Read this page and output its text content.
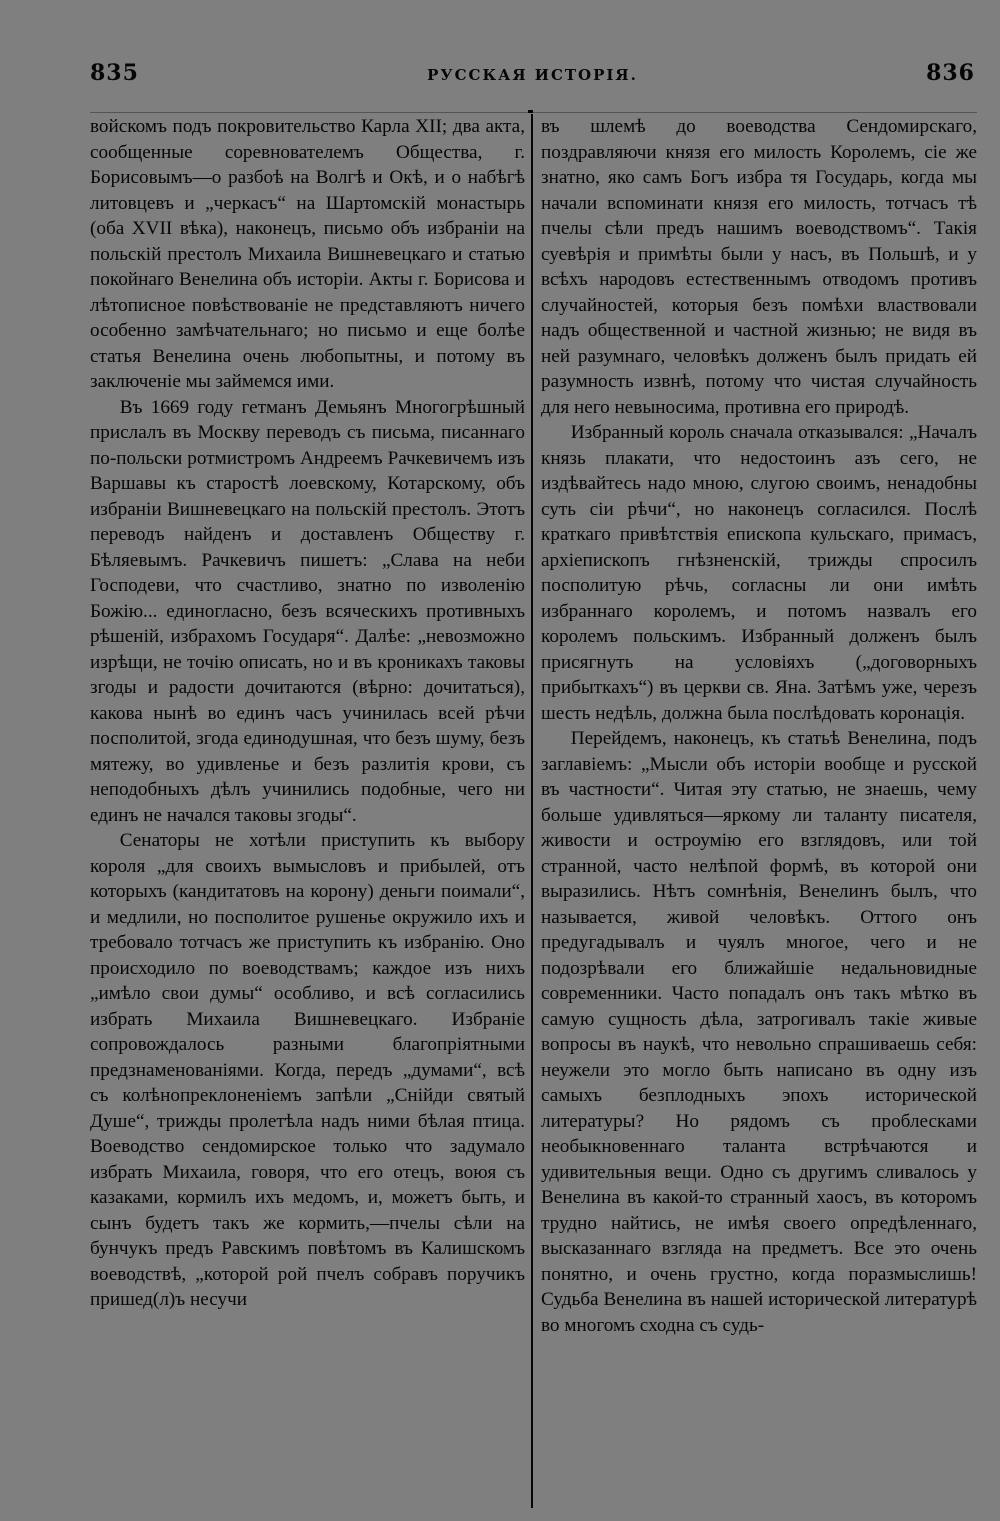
835	РУССКАЯ ИСТОРІЯ.	836

войскомъ подъ покровительство Карла XII; два акта, сообщенные соревнователемъ Общества, г. Борисовымъ—о разбоѣ на Волгѣ и Окѣ, и о набѣгѣ литовцевъ и „черкасъ“ на Шартомскій монастырь (оба XVII вѣка), наконецъ, письмо объ избраніи на польскій престолъ Михаила Вишневецкаго и статью покойнаго Венелина объ исторіи. Акты г. Борисова и лѣтописное повѣствованіе не представляютъ ничего особенно замѣчательнаго; но письмо и еще болѣе статья Венелина очень любопытны, и потому въ заключеніе мы займемся ими.

Въ 1669 году гетманъ Демьянъ Многогрѣшный прислалъ въ Москву переводъ съ письма, писаннаго по-польски ротмистромъ Андреемъ Рачкевичемъ изъ Варшавы къ старостѣ лоевскому, Котарскому, объ избраніи Вишневецкаго на польскій престолъ. Этотъ переводъ найденъ и доставленъ Обществу г. Бѣляевымъ. Рачкевичъ пишетъ: „Слава на неби Господеви, что счастливо, знатно по изволенію Божію... единогласно, безъ всяческихъ противныхъ рѣшеній, избрахомъ Государя“. Далѣе: „невозможно изрѣщи, не точію описать, но и въ кроникахъ таковы згоды и радости дочитаются (вѣрно: дочитаться), какова нынѣ во единъ часъ учинилась всей рѣчи посполитой, згода единодушная, что безъ шуму, безъ мятежу, во удивленье и безъ разлитія крови, съ неподобныхъ дѣлъ учинились подобные, чего ни единъ не начался таковы згоды“.

Сенаторы не хотѣли приступить къ выбору короля „для своихъ вымысловъ и прибылей, отъ которыхъ (кандитатовъ на корону) деньги поимали“, и медлили, но посполитое рушенье окружило ихъ и требовало тотчасъ же приступить къ избранію. Оно происходило по воеводствамъ; каждое изъ нихъ „имѣло свои думы“ особливо, и всѣ согласились избрать Михаила Вишневецкаго. Избраніе сопровождалось разными благопріятными предзнаменованіями. Когда, передъ „думами“, всѣ съ колѣнопреклоненіемъ запѣли „Снійди святый Душе“, трижды пролетѣла надъ ними бѣлая птица. Воеводство сендомирское только что задумало избрать Михаила, говоря, что его отецъ, воюя съ казаками, кормилъ ихъ медомъ, и, можетъ быть, и сынъ будетъ такъ же кормить,—пчелы сѣли на бунчукъ предъ Равскимъ повѣтомъ въ Калишскомъ воеводствѣ, „которой рой пчелъ собравъ поручикъ пришед(л)ъ несучи

въ шлемѣ до воеводства Сендомирскаго, поздравляючи князя его милость Королемъ, сіе же знатно, яко самъ Богъ избра тя Государь, когда мы начали вспоминати князя его милость, тотчасъ тѣ пчелы сѣли предъ нашимъ воеводствомъ“. Такія суевѣрія и примѣты были у насъ, въ Польшѣ, и у всѣхъ народовъ естественнымъ отводомъ противъ случайностей, которыя безъ помѣхи властвовали надъ общественной и частной жизнью; не видя въ ней разумнаго, человѣкъ долженъ былъ придать ей разумность извнѣ, потому что чистая случайность для него невыносима, противна его природѣ.

Избранный король сначала отказывался: „Началъ князь плакати, что недостоинъ азъ сего, не издѣвайтесь надо мною, слугою своимъ, ненадобны суть сіи рѣчи“, но наконецъ согласился. Послѣ краткаго привѣтствія епископа кульскаго, примасъ, архіепископъ гнѣзненскій, трижды спросилъ посполитую рѣчь, согласны ли они имѣть избраннаго королемъ, и потомъ назвалъ его королемъ польскимъ. Избранный долженъ былъ присягнуть на условіяхъ („договорныхъ прибыткахъ“) въ церкви св. Яна. Затѣмъ уже, черезъ шесть недѣль, должна была послѣдовать коронація.

Перейдемъ, наконецъ, къ статьѣ Венелина, подъ заглавіемъ: „Мысли объ исторіи вообще и русской въ частности“. Читая эту статью, не знаешь, чему больше удивляться—яркому ли таланту писателя, живости и остроумію его взглядовъ, или той странной, часто нелѣпой формѣ, въ которой они выразились. Нѣтъ сомнѣнія, Венелинъ былъ, что называется, живой человѣкъ. Оттого онъ предугадывалъ и чуялъ многое, чего и не подозрѣвали его ближайшіе недальновидные современники. Часто попадалъ онъ такъ мѣтко въ самую сущность дѣла, затрогивалъ такіе живые вопросы въ наукѣ, что невольно спрашиваешь себя: неужели это могло быть написано въ одну изъ самыхъ безплодныхъ эпохъ исторической литературы? Но рядомъ съ проблесками необыкновеннаго таланта встрѣчаются и удивительныя вещи. Одно съ другимъ сливалось у Венелина въ какой-то странный хаосъ, въ которомъ трудно найтись, не имѣя своего опредѣленнаго, высказаннаго взгляда на предметъ. Все это очень понятно, и очень грустно, когда поразмыслишь! Судьба Венелина въ нашей исторической литературѣ во многомъ сходна съ судь-
